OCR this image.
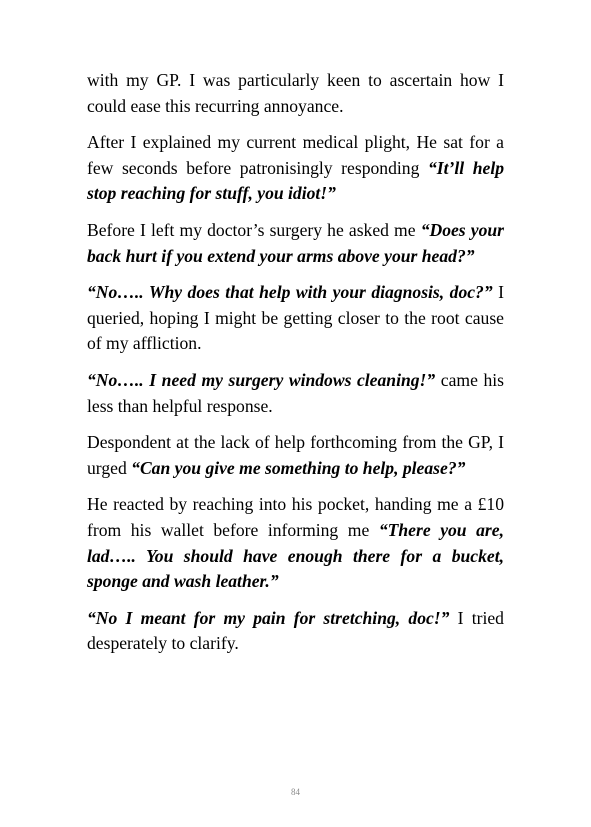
with my GP. I was particularly keen to ascertain how I could ease this recurring annoyance.

After I explained my current medical plight, He sat for a few seconds before patronisingly responding “It’ll help stop reaching for stuff, you idiot!”

Before I left my doctor’s surgery he asked me “Does your back hurt if you extend your arms above your head?”

“No….. Why does that help with your diagnosis, doc?” I queried, hoping I might be getting closer to the root cause of my affliction.

“No….. I need my surgery windows cleaning!” came his less than helpful response.

Despondent at the lack of help forthcoming from the GP, I urged “Can you give me something to help, please?”

He reacted by reaching into his pocket, handing me a £10 from his wallet before informing me “There you are, lad….. You should have enough there for a bucket, sponge and wash leather.”

“No I meant for my pain for stretching, doc!” I tried desperately to clarify.

84
